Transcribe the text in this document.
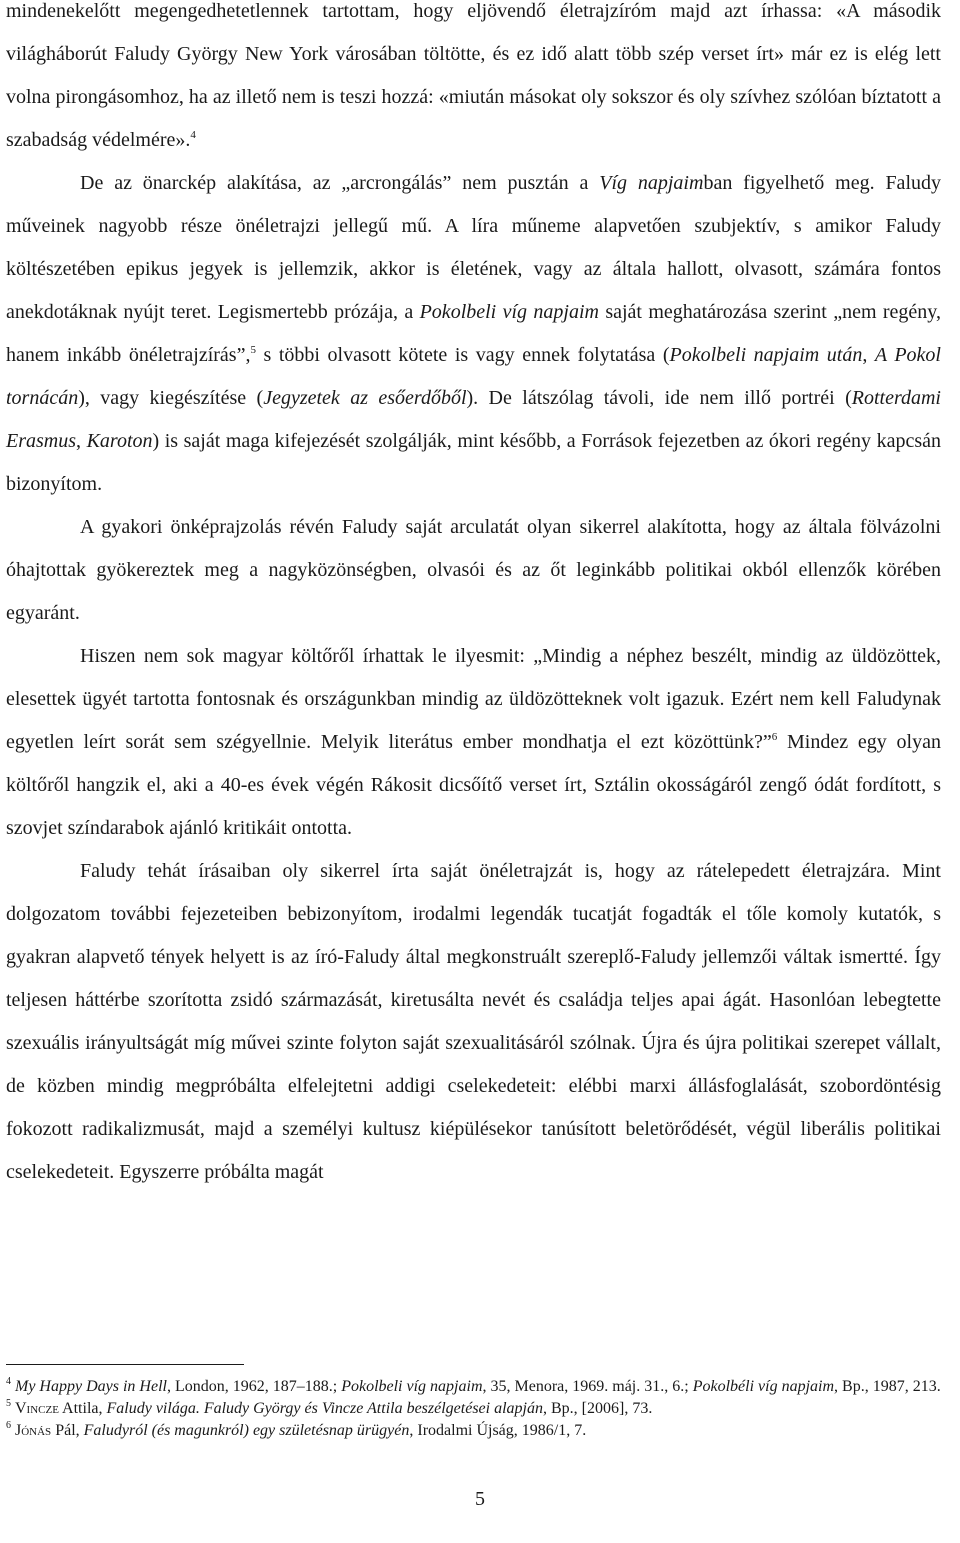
mindenekelőtt megengedhetetlennek tartottam, hogy eljövendő életrajzíróm majd azt írhassa: «A második világháborút Faludy György New York városában töltötte, és ez idő alatt több szép verset írt» már ez is elég lett volna pirongásomhoz, ha az illető nem is teszi hozzá: «miután másokat oly sokszor és oly szívhez szólóan bíztatott a szabadság védelmére».$^4$

De az önarckép alakítása, az „arcrongálás” nem pusztán a Víg napjaimban figyelhető meg. Faludy műveinek nagyobb része önéletrajzi jellegű mű. A líra műneme alapvetően szubjektív, s amikor Faludy költészetében epikus jegyek is jellemzik, akkor is életének, vagy az általa hallott, olvasott, számára fontos anekdotáknak nyújt teret. Legismertebb prózája, a Pokolbeli víg napjaim saját meghatározása szerint „nem regény, hanem inkább önéletrajzírás”,$^5$ s többi olvasott kötete is vagy ennek folytatása (Pokolbeli napjaim után, A Pokol tornácán), vagy kiegészítése (Jegyzetek az esőerdőből). De látszólag távoli, ide nem illő portréi (Rotterdami Erasmus, Karoton) is saját maga kifejezését szolgálják, mint később, a Források fejezetben az ókori regény kapcsán bizonyítom.

A gyakori önképrajzolás révén Faludy saját arculatát olyan sikerrel alakította, hogy az általa fölvázolni óhajtottak gyökereztek meg a nagyközönségben, olvasói és az őt leginkább politikai okból ellenzők körében egyaránt.

Hiszen nem sok magyar költőről írhattak le ilyesmit: „Mindig a néphez beszélt, mindig az üldözöttek, elesettek ügyét tartotta fontosnak és országunkban mindig az üldözötteknek volt igazuk. Ezért nem kell Faludynak egyetlen leírt sorát sem szégyellnie. Melyik literátus ember mondhatja el ezt közöttünk?”$^6$ Mindez egy olyan költőről hangzik el, aki a 40-es évek végén Rákosit dicsőítő verset írt, Sztálin okosságáról zengő ódát fordított, s szovjet színdarabok ajánló kritikáit ontotta.

Faludy tehát írásaiban oly sikerrel írta saját önéletrajzát is, hogy az rátelepedett életrajzára. Mint dolgozatom további fejezeteiben bebizonyítom, irodalmi legendák tucatját fogadták el tőle komoly kutatók, s gyakran alapvető tények helyett is az író-Faludy által megkonstruált szereplő-Faludy jellemzői váltak ismertté. Így teljesen háttérbe szorította zsidó származását, kiretusálta nevét és családja teljes apai ágát. Hasonlóan lebegtette szexuális irányultságát míg művei szinte folyton saját szexualitásáról szólnak. Újra és újra politikai szerepet vállalt, de közben mindig megpróbálta elfelejtetni addigi cselekedeteit: elébbi marxi állásfoglalását, szobordöntésig fokozott radikalizmusát, majd a személyi kultusz kiépülésekor tanúsított beletörődését, végül liberális politikai cselekedeteit. Egyszerre próbálta magát

$^4$ My Happy Days in Hell, London, 1962, 187–188.; Pokolbeli víg napjaim, 35, Menora, 1969. máj. 31., 6.; Pokolbéli víg napjaim, Bp., 1987, 213.

$^5$ Vincze Attila, Faludy világa. Faludy György és Vincze Attila beszélgetései alapján, Bp., [2006], 73.

$^6$ Jónás Pál, Faludyról (és magunkról) egy születésnap ürügyén, Irodalmi Újság, 1986/1, 7.

5
